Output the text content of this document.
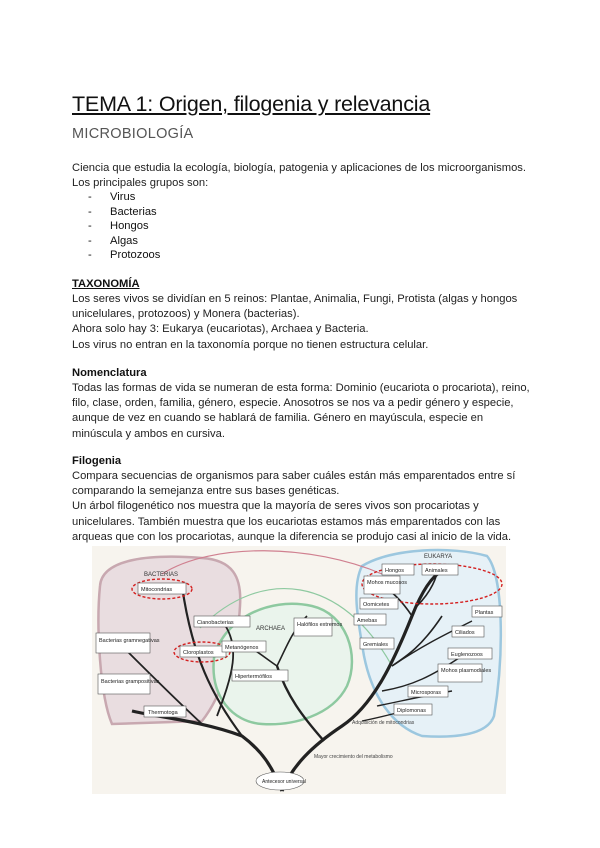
TEMA 1: Origen, filogenia y relevancia
MICROBIOLOGÍA
Ciencia que estudia la ecología, biología, patogenia y aplicaciones de los microorganismos.
Los principales grupos son:
- Virus
- Bacterias
- Hongos
- Algas
- Protozoos
TAXONOMÍA
Los seres vivos se dividían en 5 reinos: Plantae, Animalia, Fungi, Protista (algas y hongos
unicelulares, protozoos) y Monera (bacterias).
Ahora solo hay 3: Eukarya (eucariotas), Archaea y Bacteria.
Los virus no entran en la taxonomía porque no tienen estructura celular.
Nomenclatura
Todas las formas de vida se numeran de esta forma: Dominio (eucariota o procariota), reino,
filo, clase, orden, familia, género, especie. Anosotros se nos va a pedir género y especie,
aunque de vez en cuando se hablará de familia. Género en mayúscula, especie en
minúscula y ambos en cursiva.
Filogenia
Compara secuencias de organismos para saber cuáles están más emparentados entre sí
comparando la semejanza entre sus bases genéticas.
Un árbol filogenético nos muestra que la mayoría de seres vivos son procariotas y
unicelulares. También muestra que los eucariotas estamos más emparentados con las
arqueas que con los procariotas, aunque la diferencia se produjo casi al inicio de la vida.
BACTERIAS
ARCHAEA
EUKARYA
Mitocondrias
Cianobacterias
Bacterias gramnegativas
Cloroplastos
Bacterias grampositivas
Thermotoga
Metanógenos
Halófilos extremos
Hipertermófilos
Hongos	Animales
Mohos mucosos
Oomicetes
Amebas
Plantas
Ciliados
Gremiales
Euglenozoos
Mohos plasmodiales
Microsporas
Diplomonas
Adquisición de mitocondrias
Mayor crecimiento del metabolismo
Antecesor universal
